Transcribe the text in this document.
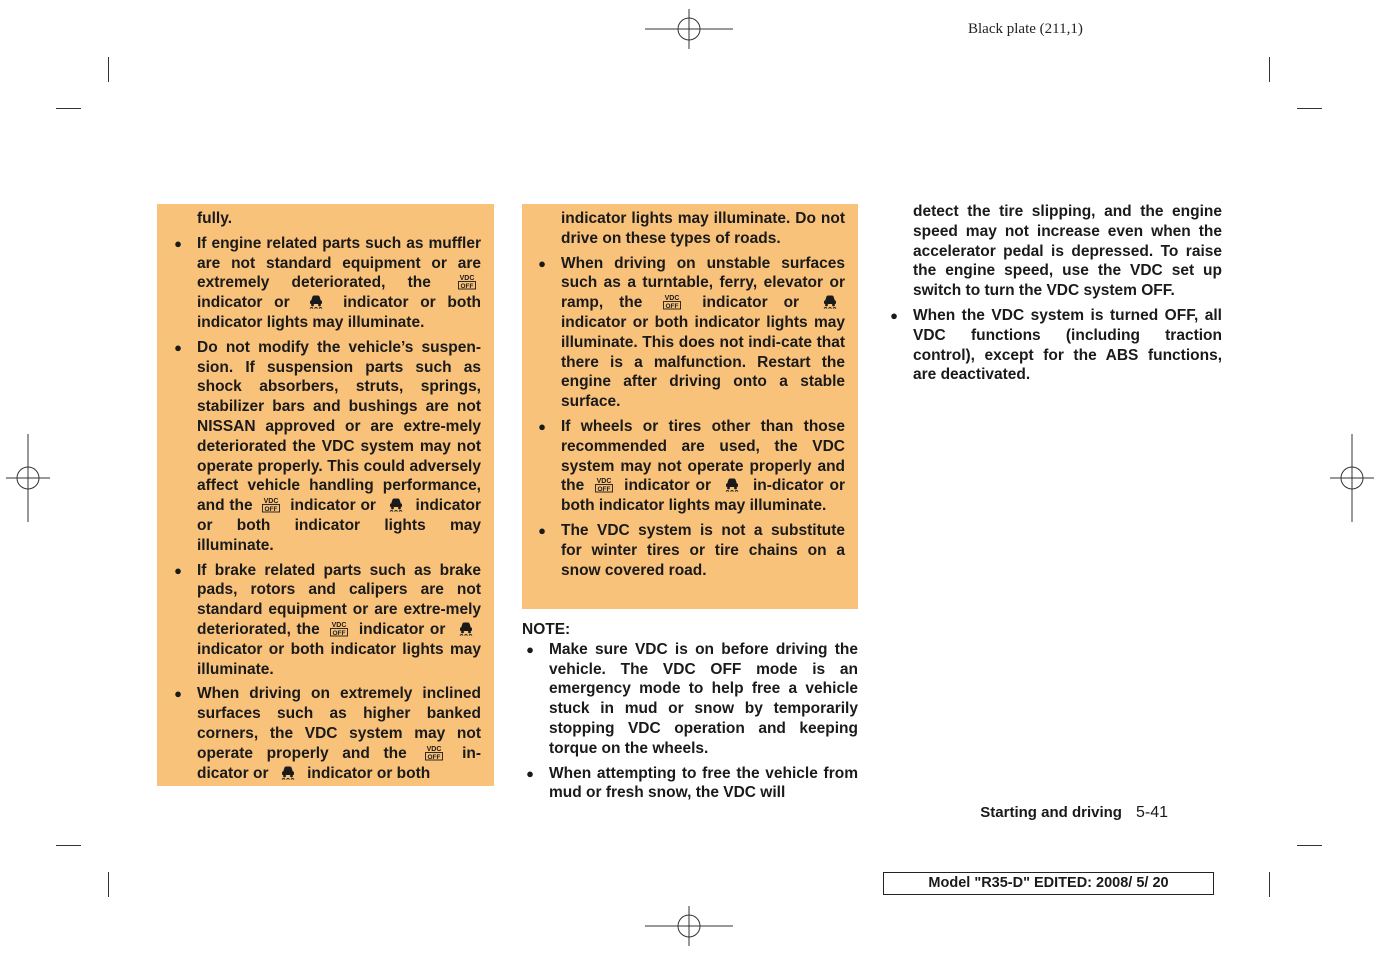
Black plate (211,1)
fully.
● If engine related parts such as muffler are not standard equipment or are extremely deteriorated, the	VDC
OFF
indicator or	indicator or both indicator lights may illuminate.
● Do not modify the vehicle’s suspen-sion. If suspension parts such as shock absorbers, struts, springs, stabilizer bars and bushings are not NISSAN approved or are extre-mely deteriorated the VDC system may not operate properly. This could adversely affect vehicle handling performance, and the VDC
OFF indicator or	indicator or both indicator lights may illuminate.
● If brake related parts such as brake pads, rotors and calipers are not standard equipment or are extre-mely deteriorated, the VDC
OFF indicator or
indicator or both indicator lights may illuminate.
● When driving on extremely inclined surfaces such as higher banked corners, the VDC system may not operate properly and the	VDC
OFF in-dicator or indicator or both
indicator lights may illuminate. Do not drive on these types of roads.
● When driving on unstable surfaces such as a turntable, ferry, elevator or ramp, the	VDC
OFF indicator or
indicator or both indicator lights may illuminate. This does not indi-cate that there is a malfunction. Restart the engine after driving onto a stable surface.
● If wheels or tires other than those recommended are used, the VDC system may not operate properly and the VDC
OFF indicator or	in-dicator or both indicator lights may illuminate.
● The VDC system is not a substitute for winter tires or tire chains on a snow covered road.
NOTE:
● Make sure VDC is on before driving the vehicle. The VDC OFF mode is an emergency mode to help free a vehicle stuck in mud or snow by temporarily stopping VDC operation and keeping torque on the wheels.
● When attempting to free the vehicle from mud or fresh snow, the VDC will
detect the tire slipping, and the engine speed may not increase even when the accelerator pedal is depressed. To raise the engine speed, use the VDC set up switch to turn the VDC system OFF.
● When the VDC system is turned OFF, all VDC functions (including traction control), except for the ABS functions, are deactivated.
Starting and driving 5-41
Model "R35-D" EDITED: 2008/ 5/ 20
